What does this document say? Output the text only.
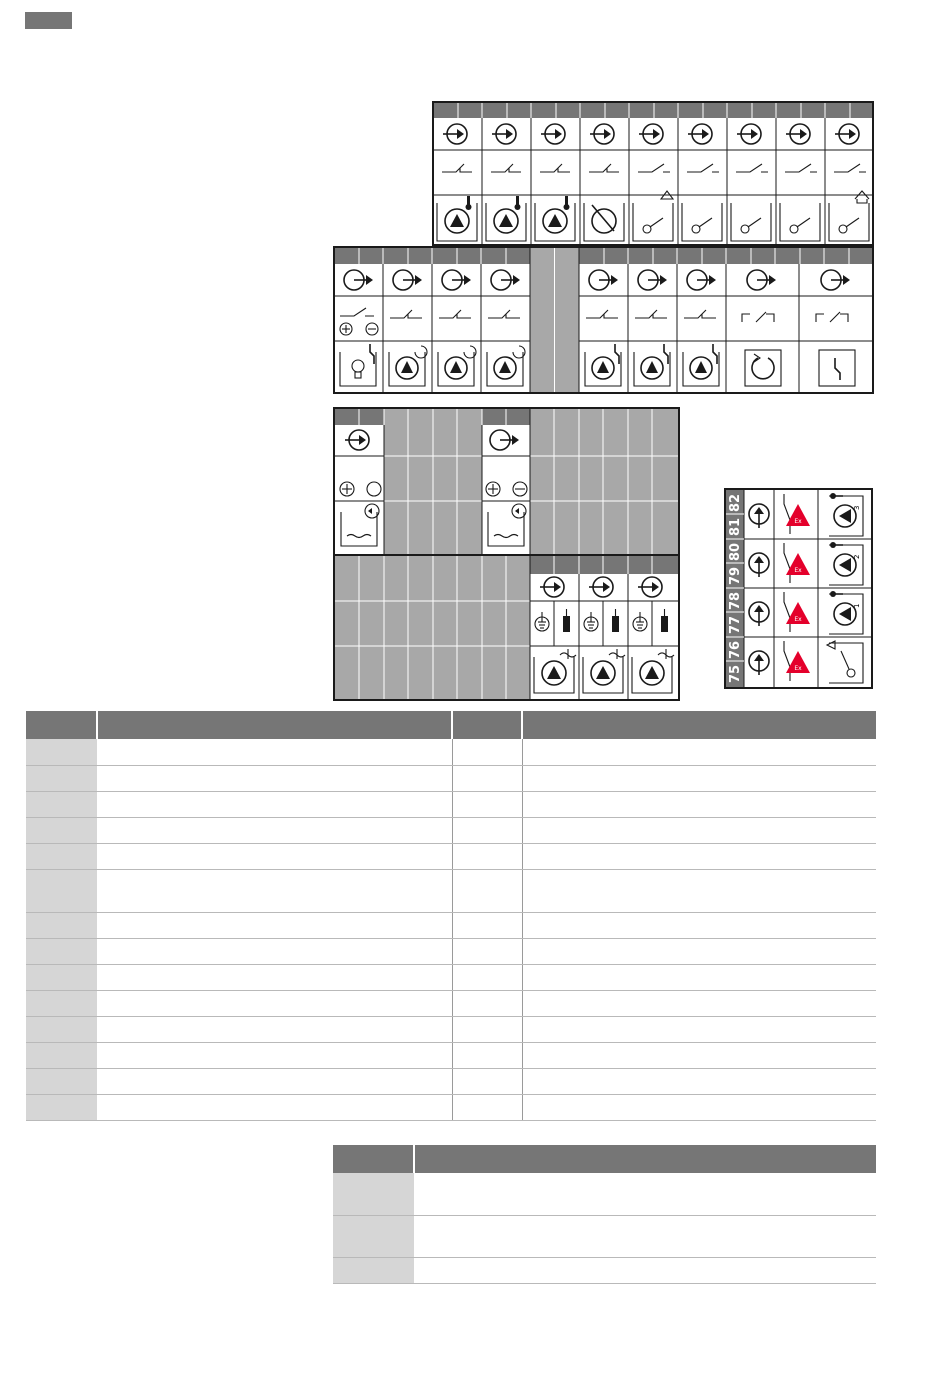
82
81
80
79
78
77
76
75
Ex
Ex
Ex
Ex
3
2
1
